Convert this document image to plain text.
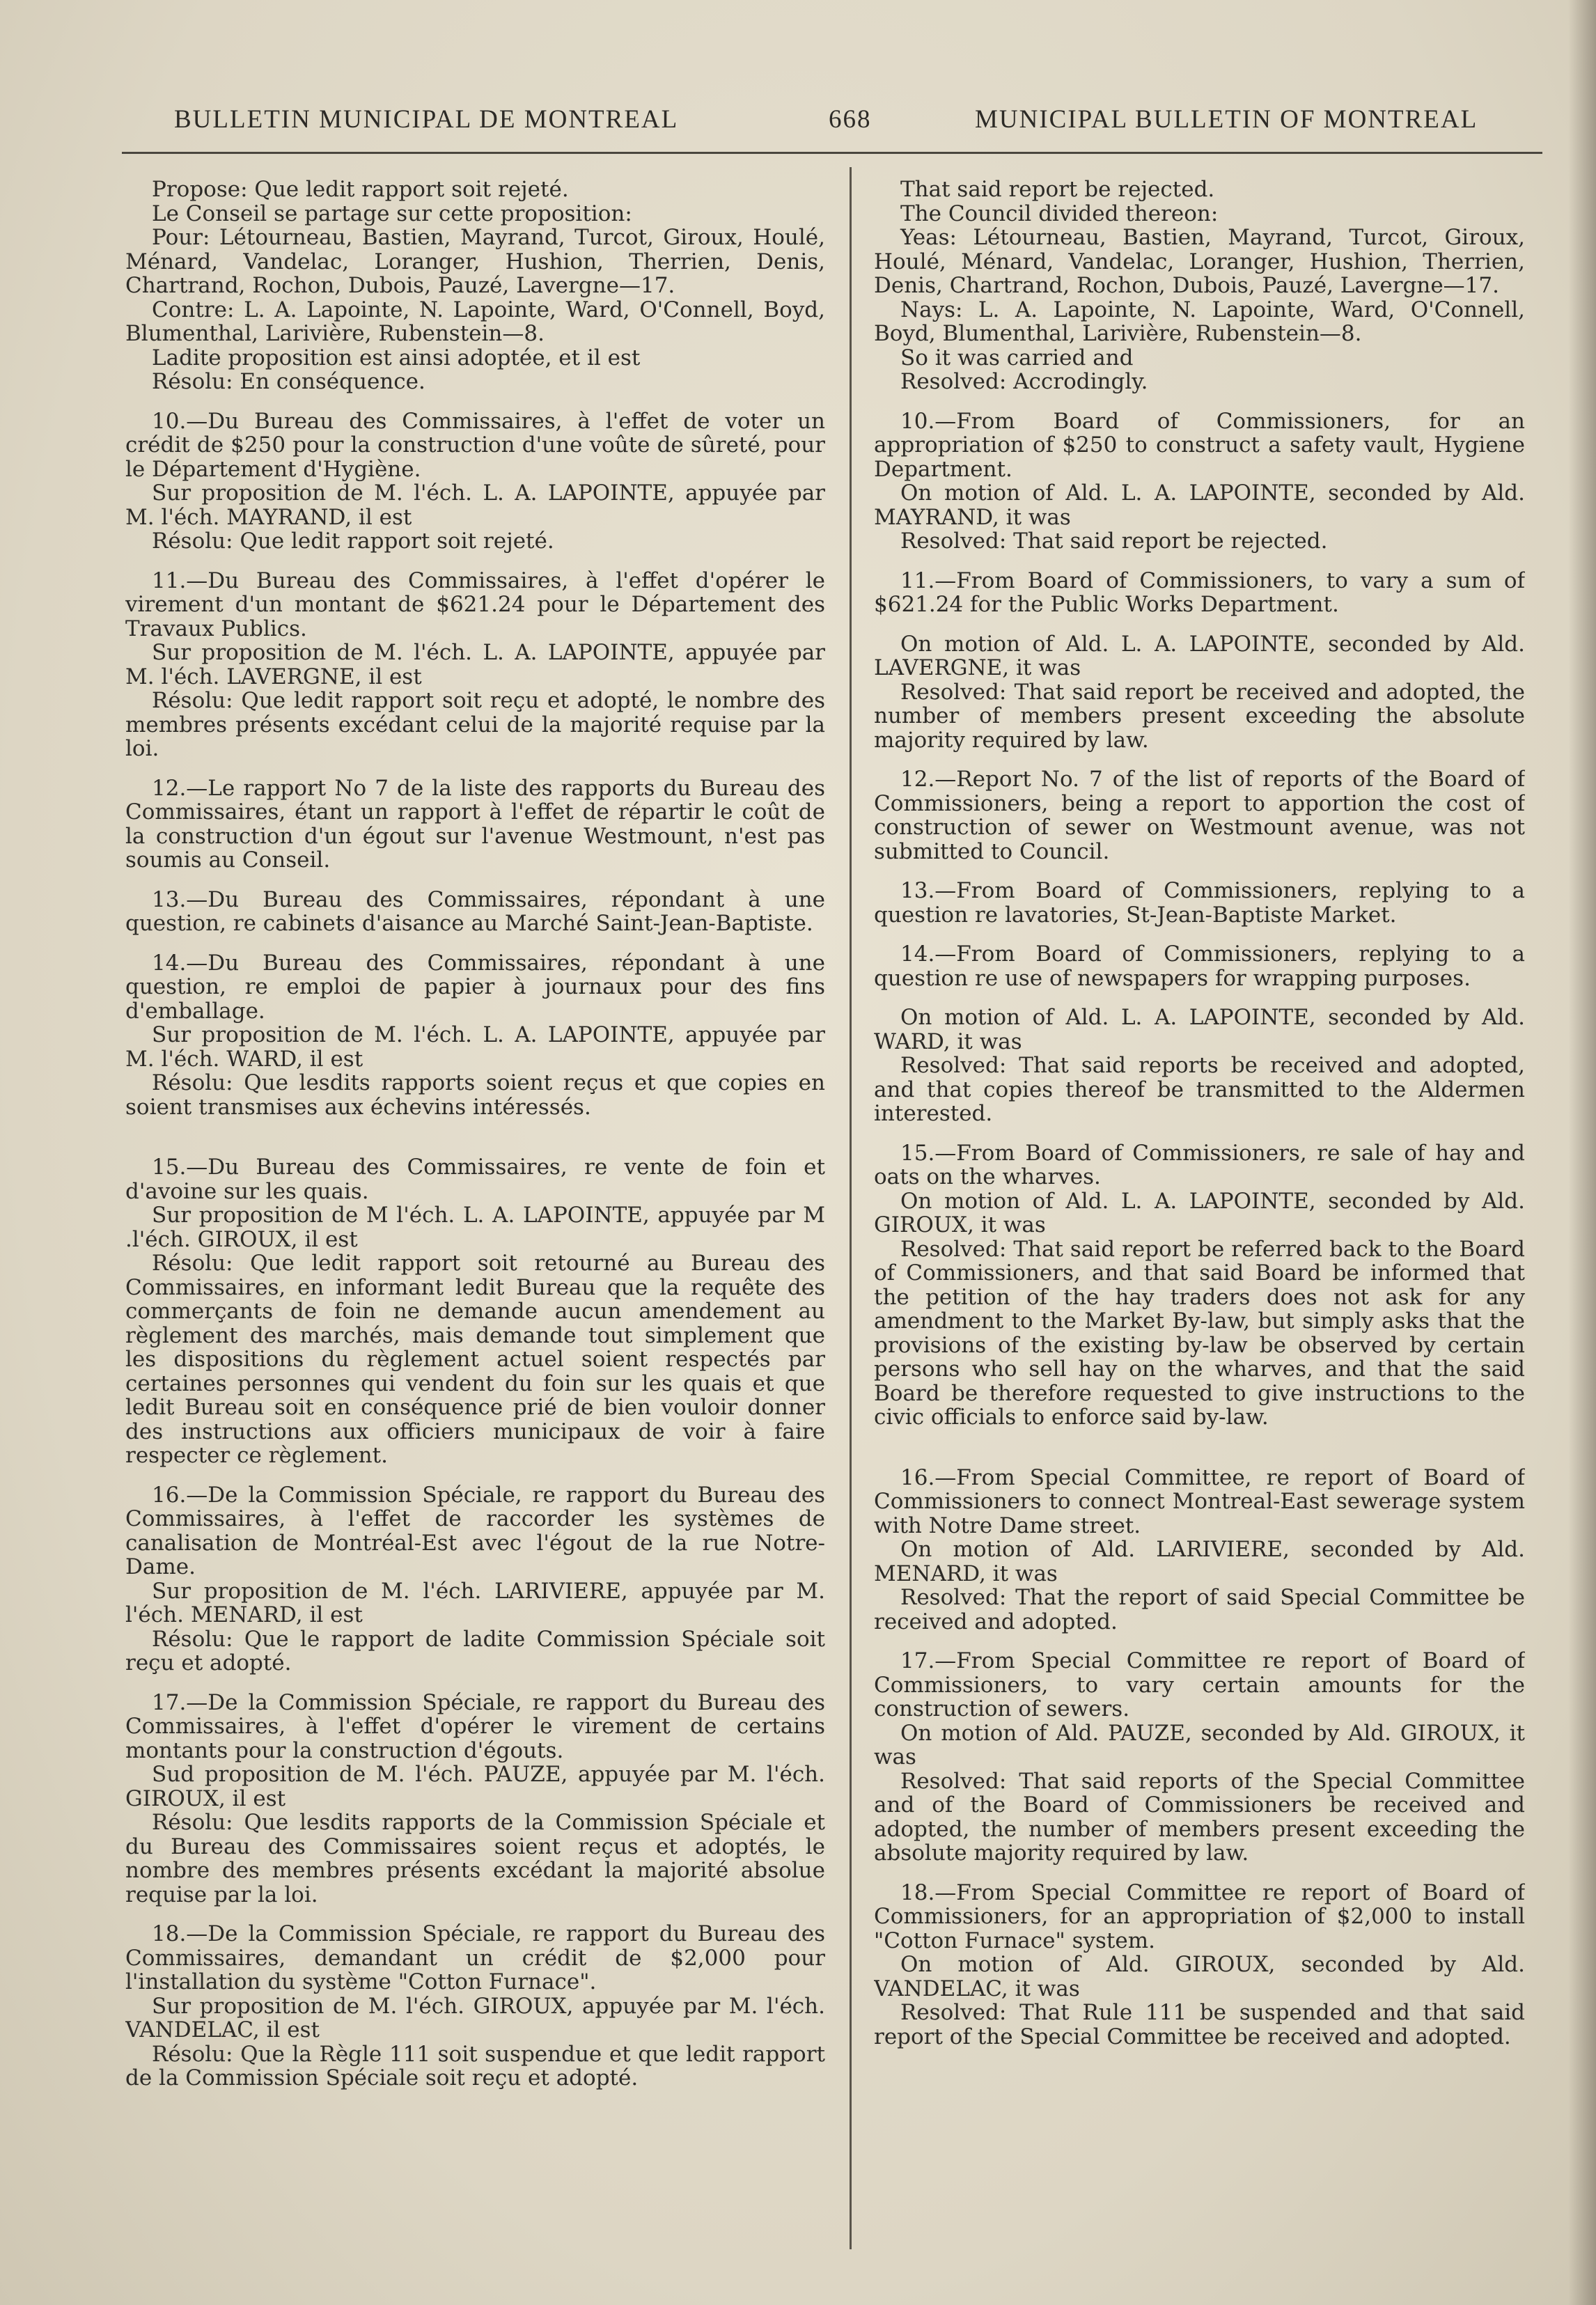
BULLETIN MUNICIPAL DE MONTREAL	668	MUNICIPAL BULLETIN OF MONTREAL

Propose: Que ledit rapport soit rejeté.

Le Conseil se partage sur cette proposition:

Pour: Létourneau, Bastien, Mayrand, Turcot, Giroux, Houlé, Ménard, Vandelac, Loranger, Hushion, Therrien, Denis, Chartrand, Rochon, Dubois, Pauzé, Lavergne—17.

Contre: L. A. Lapointe, N. Lapointe, Ward, O'Connell, Boyd, Blumenthal, Larivière, Rubenstein—8.

Ladite proposition est ainsi adoptée, et il est

Résolu: En conséquence.

10.—Du Bureau des Commissaires, à l'effet de voter un crédit de $250 pour la construction d'une voûte de sûreté, pour le Département d'Hygiène.

Sur proposition de M. l'éch. L. A. LAPOINTE, appuyée par M. l'éch. MAYRAND, il est

Résolu: Que ledit rapport soit rejeté.

11.—Du Bureau des Commissaires, à l'effet d'opérer le virement d'un montant de $621.24 pour le Département des Travaux Publics.

Sur proposition de M. l'éch. L. A. LAPOINTE, appuyée par M. l'éch. LAVERGNE, il est

Résolu: Que ledit rapport soit reçu et adopté, le nombre des membres présents excédant celui de la majorité requise par la loi.

12.—Le rapport No 7 de la liste des rapports du Bureau des Commissaires, étant un rapport à l'effet de répartir le coût de la construction d'un égout sur l'avenue Westmount, n'est pas soumis au Conseil.

13.—Du Bureau des Commissaires, répondant à une question, re cabinets d'aisance au Marché Saint-Jean-Baptiste.

14.—Du Bureau des Commissaires, répondant à une question, re emploi de papier à journaux pour des fins d'emballage.

Sur proposition de M. l'éch. L. A. LAPOINTE, appuyée par M. l'éch. WARD, il est

Résolu: Que lesdits rapports soient reçus et que copies en soient transmises aux échevins intéressés.

15.—Du Bureau des Commissaires, re vente de foin et d'avoine sur les quais.

Sur proposition de M l'éch. L. A. LAPOINTE, appuyée par M .l'éch. GIROUX, il est

Résolu: Que ledit rapport soit retourné au Bureau des Commissaires, en informant ledit Bureau que la requête des commerçants de foin ne demande aucun amendement au règlement des marchés, mais demande tout simplement que les dispositions du règlement actuel soient respectés par certaines personnes qui vendent du foin sur les quais et que ledit Bureau soit en conséquence prié de bien vouloir donner des instructions aux officiers municipaux de voir à faire respecter ce règlement.

16.—De la Commission Spéciale, re rapport du Bureau des Commissaires, à l'effet de raccorder les systèmes de canalisation de Montréal-Est avec l'égout de la rue Notre-Dame.

Sur proposition de M. l'éch. LARIVIERE, appuyée par M. l'éch. MENARD, il est

Résolu: Que le rapport de ladite Commission Spéciale soit reçu et adopté.

17.—De la Commission Spéciale, re rapport du Bureau des Commissaires, à l'effet d'opérer le virement de certains montants pour la construction d'égouts.

Sud proposition de M. l'éch. PAUZE, appuyée par M. l'éch. GIROUX, il est

Résolu: Que lesdits rapports de la Commission Spéciale et du Bureau des Commissaires soient reçus et adoptés, le nombre des membres présents excédant la majorité absolue requise par la loi.

18.—De la Commission Spéciale, re rapport du Bureau des Commissaires, demandant un crédit de $2,000 pour l'installation du système "Cotton Furnace".

Sur proposition de M. l'éch. GIROUX, appuyée par M. l'éch. VANDELAC, il est

Résolu: Que la Règle 111 soit suspendue et que ledit rapport de la Commission Spéciale soit reçu et adopté.

That said report be rejected.

The Council divided thereon:

Yeas: Létourneau, Bastien, Mayrand, Turcot, Giroux, Houlé, Ménard, Vandelac, Loranger, Hushion, Therrien, Denis, Chartrand, Rochon, Dubois, Pauzé, Lavergne—17.

Nays: L. A. Lapointe, N. Lapointe, Ward, O'Connell, Boyd, Blumenthal, Larivière, Rubenstein—8.

So it was carried and

Resolved: Accrodingly.

10.—From Board of Commissioners, for an appropriation of $250 to construct a safety vault, Hygiene Department.

On motion of Ald. L. A. LAPOINTE, seconded by Ald. MAYRAND, it was

Resolved: That said report be rejected.

11.—From Board of Commissioners, to vary a sum of $621.24 for the Public Works Department.

On motion of Ald. L. A. LAPOINTE, seconded by Ald. LAVERGNE, it was

Resolved: That said report be received and adopted, the number of members present exceeding the absolute majority required by law.

12.—Report No. 7 of the list of reports of the Board of Commissioners, being a report to apportion the cost of construction of sewer on Westmount avenue, was not submitted to Council.

13.—From Board of Commissioners, replying to a question re lavatories, St-Jean-Baptiste Market.

14.—From Board of Commissioners, replying to a question re use of newspapers for wrapping purposes.

On motion of Ald. L. A. LAPOINTE, seconded by Ald. WARD, it was

Resolved: That said reports be received and adopted, and that copies thereof be transmitted to the Aldermen interested.

15.—From Board of Commissioners, re sale of hay and oats on the wharves.

On motion of Ald. L. A. LAPOINTE, seconded by Ald. GIROUX, it was

Resolved: That said report be referred back to the Board of Commissioners, and that said Board be informed that the petition of the hay traders does not ask for any amendment to the Market By-law, but simply asks that the provisions of the existing by-law be observed by certain persons who sell hay on the wharves, and that the said Board be therefore requested to give instructions to the civic officials to enforce said by-law.

16.—From Special Committee, re report of Board of Commissioners to connect Montreal-East sewerage system with Notre Dame street.

On motion of Ald. LARIVIERE, seconded by Ald. MENARD, it was

Resolved: That the report of said Special Committee be received and adopted.

17.—From Special Committee re report of Board of Commissioners, to vary certain amounts for the construction of sewers.

On motion of Ald. PAUZE, seconded by Ald. GIROUX, it was

Resolved: That said reports of the Special Committee and of the Board of Commissioners be received and adopted, the number of members present exceeding the absolute majority required by law.

18.—From Special Committee re report of Board of Commissioners, for an appropriation of $2,000 to install "Cotton Furnace" system.

On motion of Ald. GIROUX, seconded by Ald. VANDELAC, it was

Resolved: That Rule 111 be suspended and that said report of the Special Committee be received and adopted.
